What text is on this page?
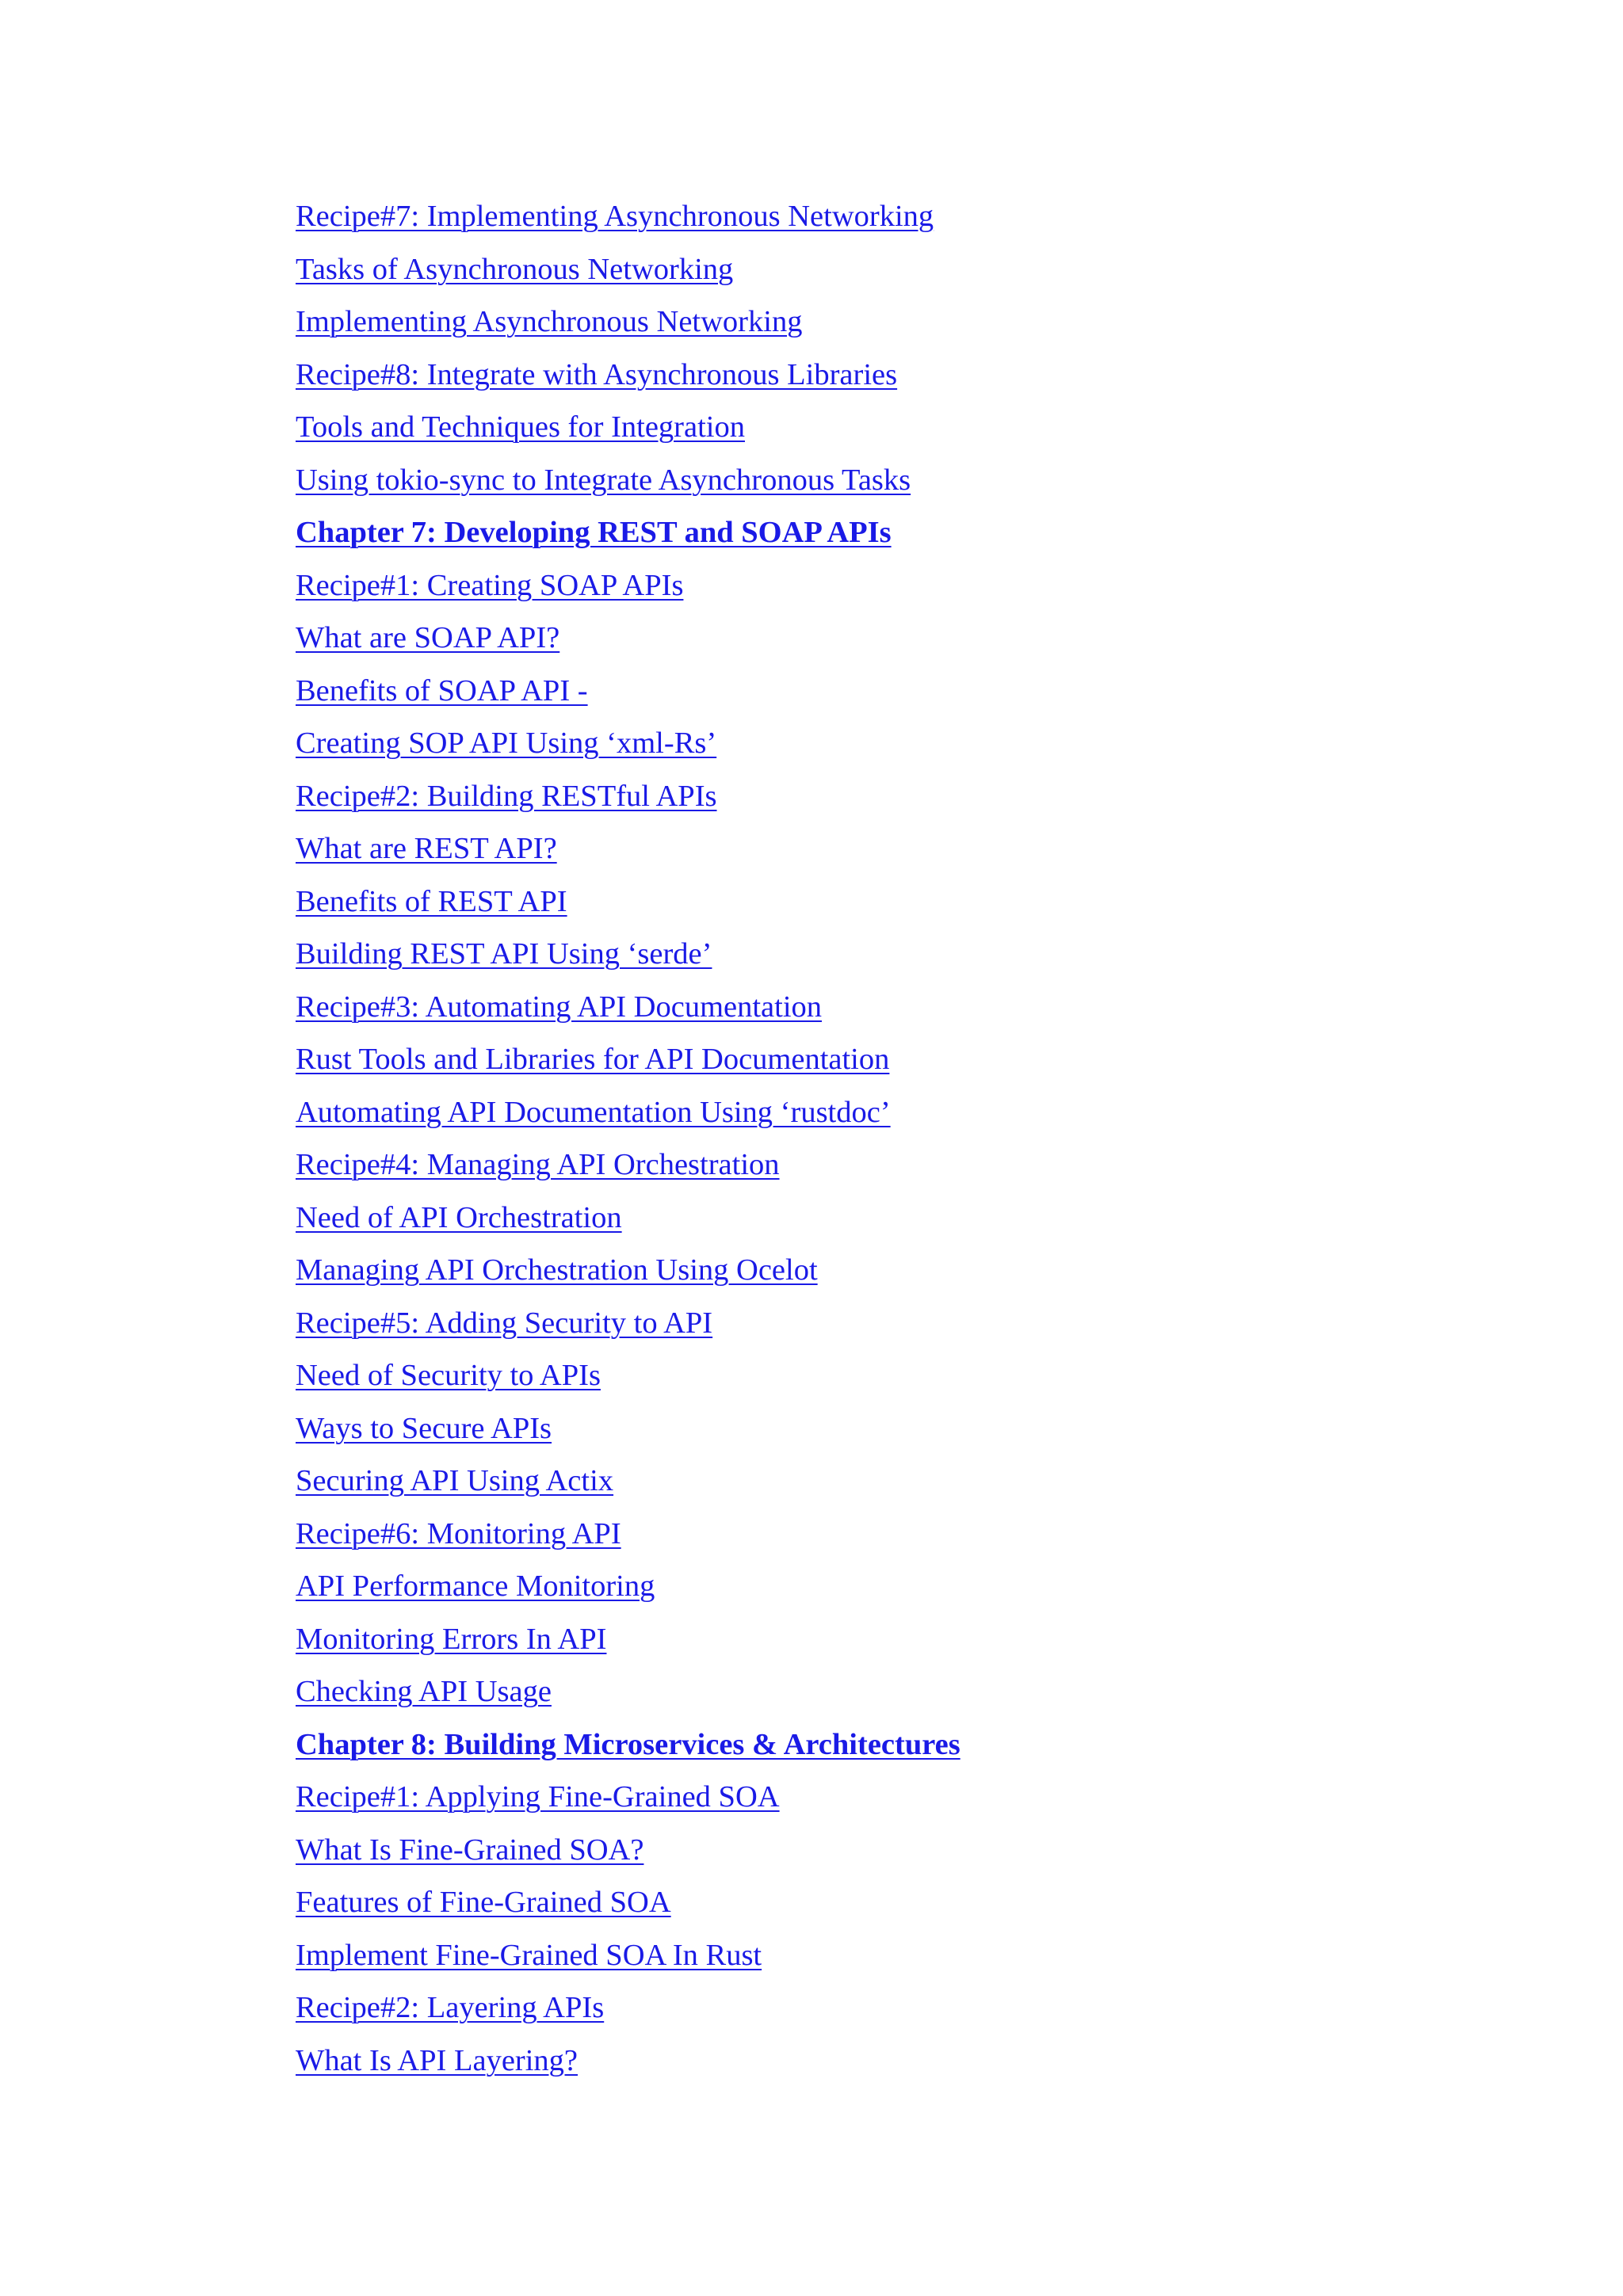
Recipe#7: Implementing Asynchronous Networking
Tasks of Asynchronous Networking
Implementing Asynchronous Networking
Recipe#8: Integrate with Asynchronous Libraries
Tools and Techniques for Integration
Using tokio-sync to Integrate Asynchronous Tasks
Chapter 7: Developing REST and SOAP APIs
Recipe#1: Creating SOAP APIs
What are SOAP API?
Benefits of SOAP API -
Creating SOP API Using ‘xml-Rs’
Recipe#2: Building RESTful APIs
What are REST API?
Benefits of REST API
Building REST API Using ‘serde’
Recipe#3: Automating API Documentation
Rust Tools and Libraries for API Documentation
Automating API Documentation Using ‘rustdoc’
Recipe#4: Managing API Orchestration
Need of API Orchestration
Managing API Orchestration Using Ocelot
Recipe#5: Adding Security to API
Need of Security to APIs
Ways to Secure APIs
Securing API Using Actix
Recipe#6: Monitoring API
API Performance Monitoring
Monitoring Errors In API
Checking API Usage
Chapter 8: Building Microservices & Architectures
Recipe#1: Applying Fine-Grained SOA
What Is Fine-Grained SOA?
Features of Fine-Grained SOA
Implement Fine-Grained SOA In Rust
Recipe#2: Layering APIs
What Is API Layering?
